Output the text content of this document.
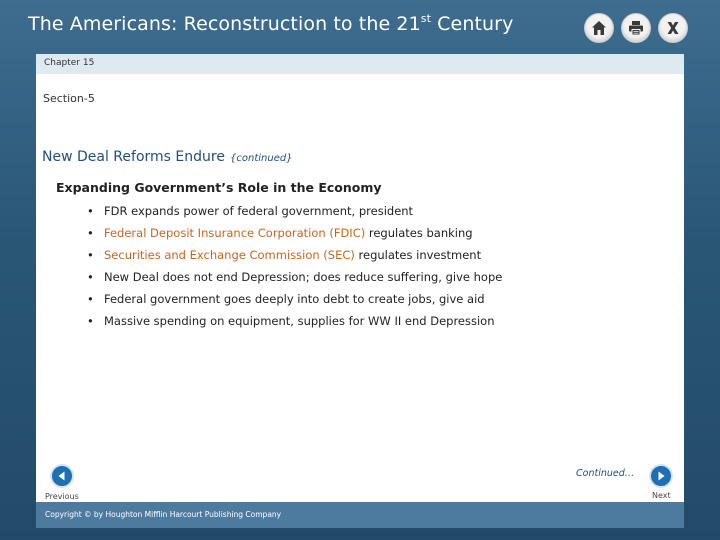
The Americans: Reconstruction to the 21st Century
Chapter 15
Section-5
New Deal Reforms Endure {continued}
Expanding Government’s Role in the Economy
• FDR expands power of federal government, president
• Federal Deposit Insurance Corporation (FDIC) regulates banking
• Securities and Exchange Commission (SEC) regulates investment
• New Deal does not end Depression; does reduce suffering, give hope
• Federal government goes deeply into debt to create jobs, give aid
• Massive spending on equipment, supplies for WW II end Depression
Continued…
Previous	Next
Copyright © by Houghton Mifflin Harcourt Publishing Company
